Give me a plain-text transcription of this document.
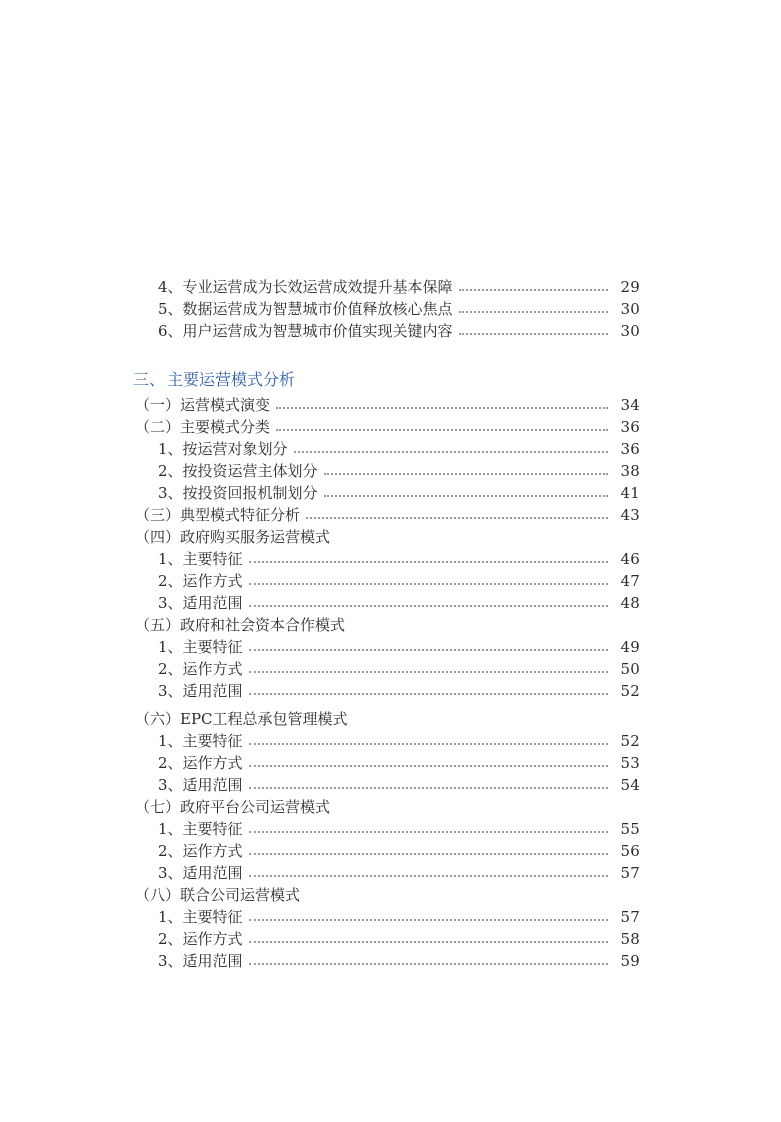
4、专业运营成为长效运营成效提升基本保障	29
5、数据运营成为智慧城市价值释放核心焦点	30
6、用户运营成为智慧城市价值实现关键内容	30
三、 主要运营模式分析
（一）运营模式演变	34
（二）主要模式分类	36
1、按运营对象划分	36
2、按投资运营主体划分	38
3、按投资回报机制划分	41
（三）典型模式特征分析	43
（四）政府购买服务运营模式
1、主要特征	46
2、运作方式	47
3、适用范围	48
（五）政府和社会资本合作模式
1、主要特征	49
2、运作方式	50
3、适用范围	52
（六）EPC工程总承包管理模式
1、主要特征	52
2、运作方式	53
3、适用范围	54
（七）政府平台公司运营模式
1、主要特征	55
2、运作方式	56
3、适用范围	57
（八）联合公司运营模式
1、主要特征	57
2、运作方式	58
3、适用范围	59
